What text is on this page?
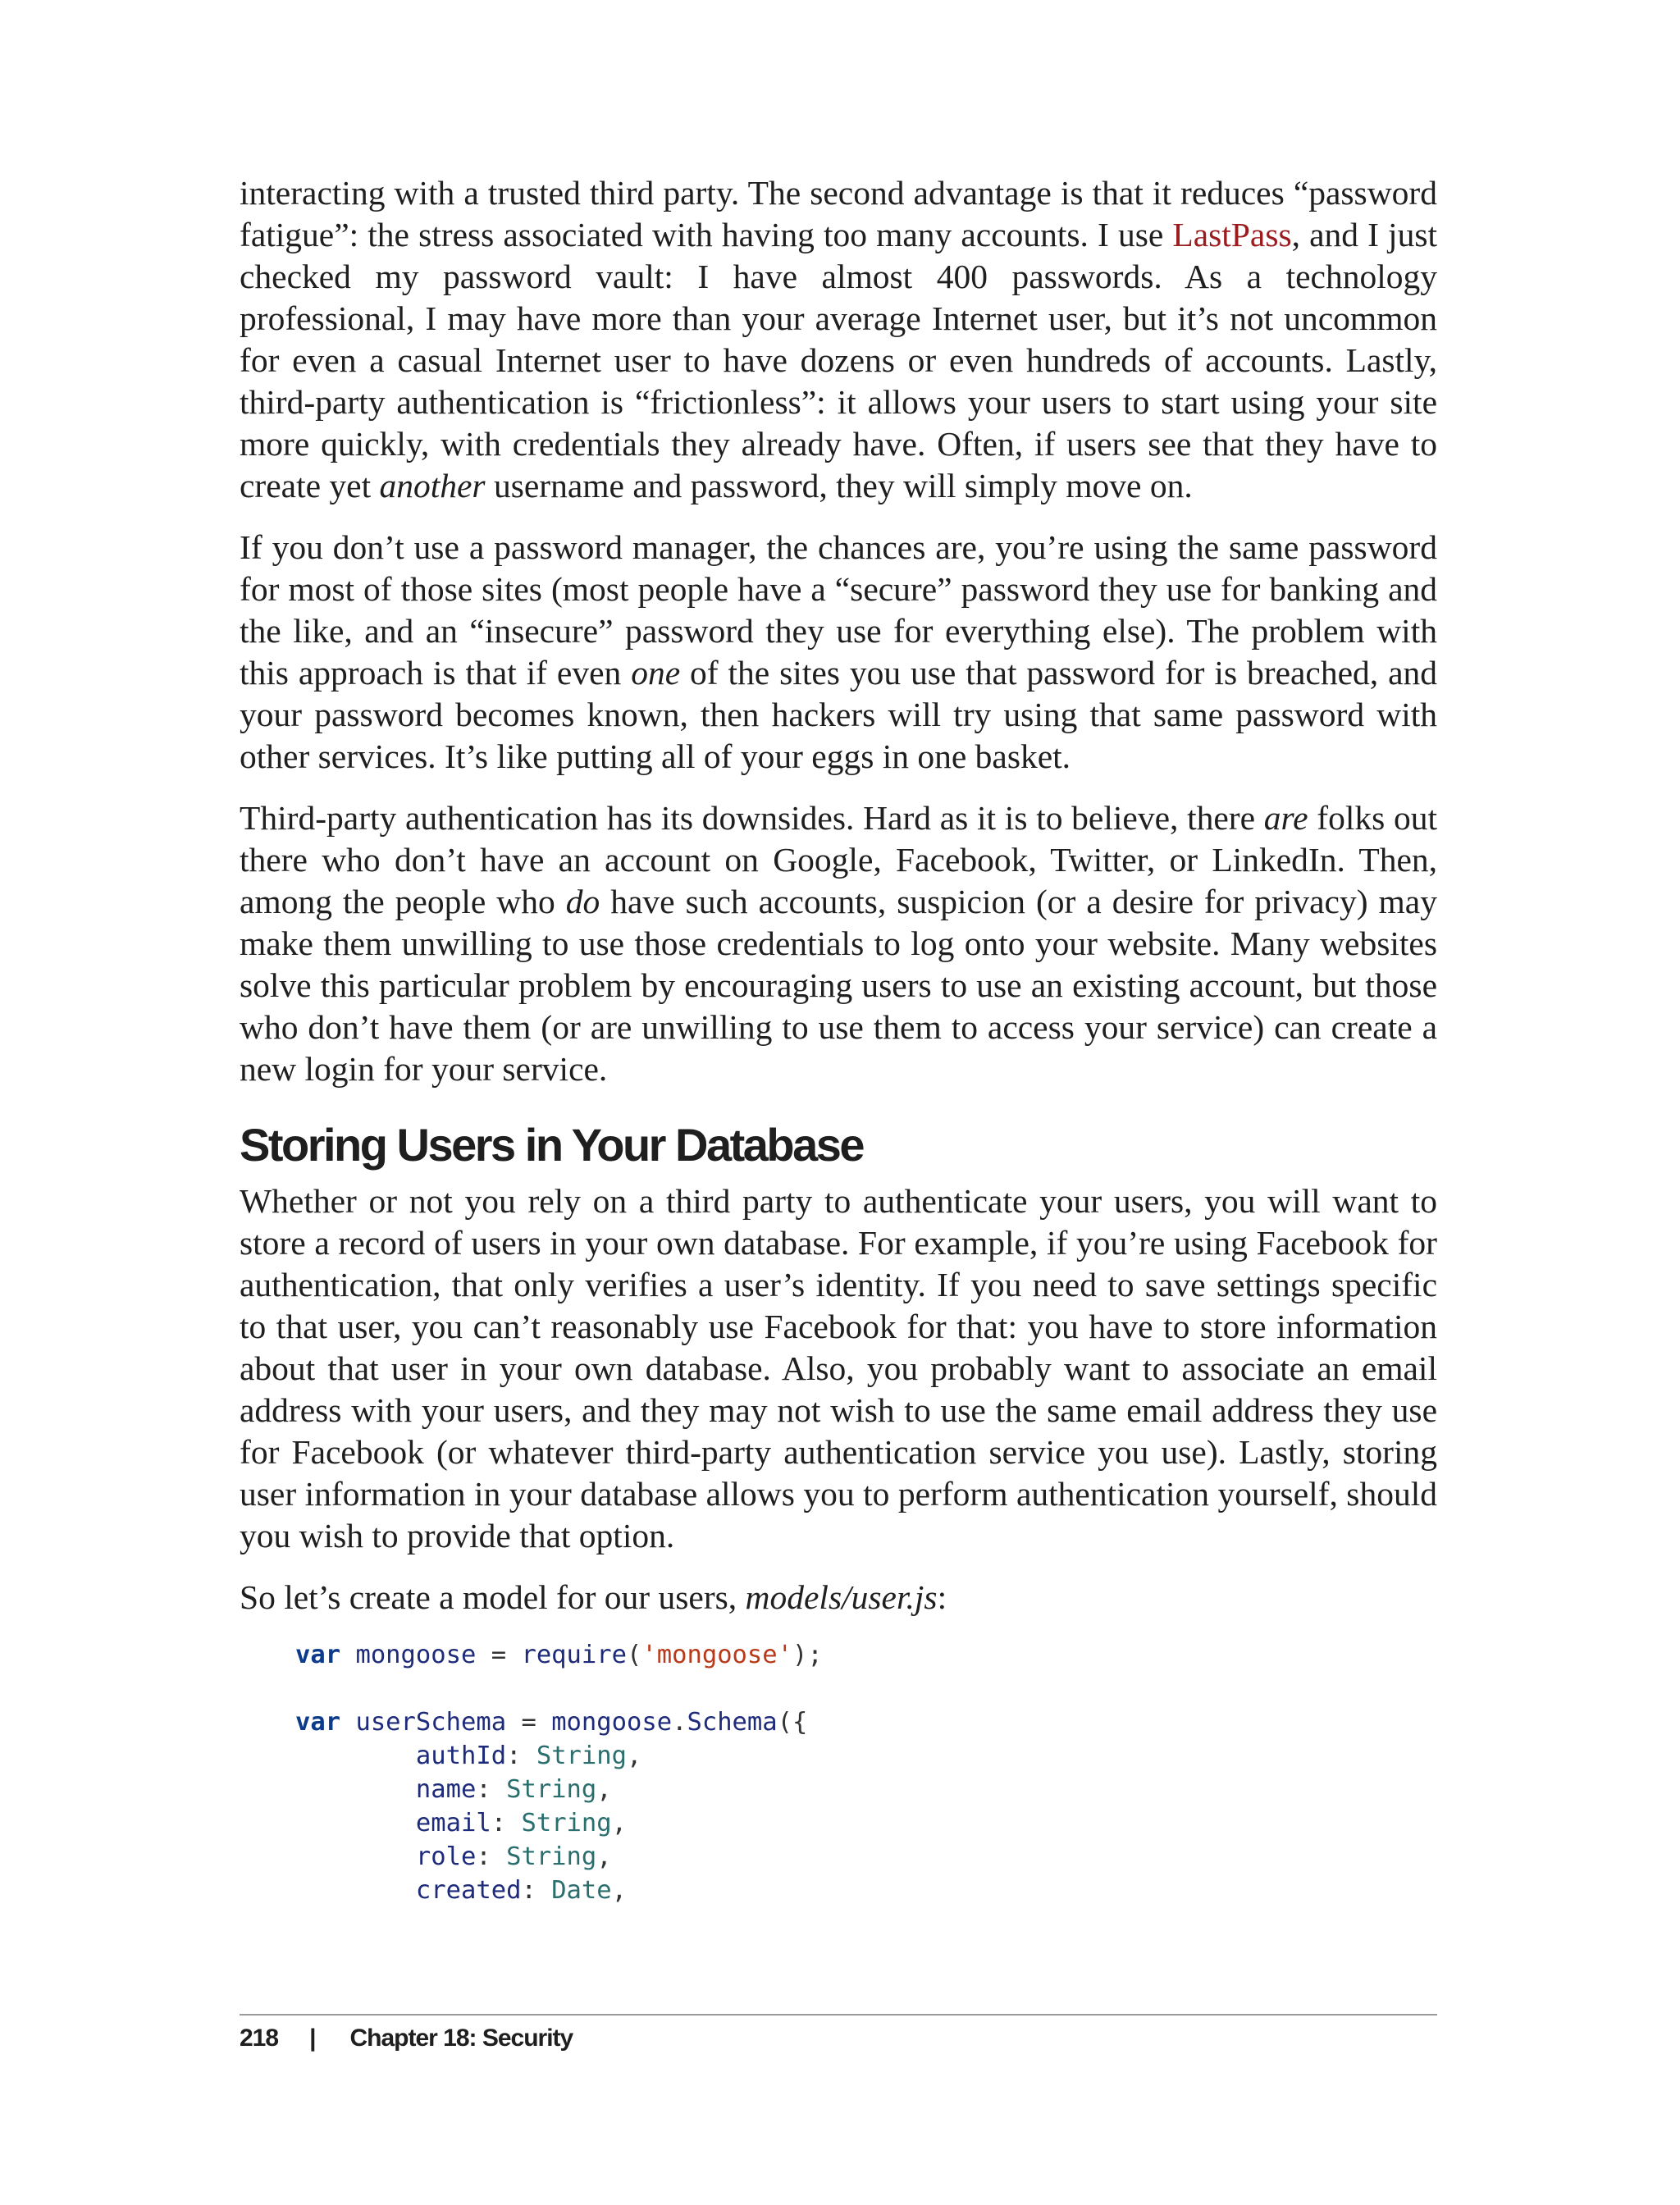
interacting with a trusted third party. The second advantage is that it reduces “password fatigue”: the stress associated with having too many accounts. I use LastPass, and I just checked my password vault: I have almost 400 passwords. As a technology professional, I may have more than your average Internet user, but it’s not uncommon for even a casual Internet user to have dozens or even hundreds of accounts. Lastly, third-party authentication is “frictionless”: it allows your users to start using your site more quickly, with credentials they already have. Often, if users see that they have to create yet another username and password, they will simply move on.

If you don’t use a password manager, the chances are, you’re using the same password for most of those sites (most people have a “secure” password they use for banking and the like, and an “insecure” password they use for everything else). The problem with this approach is that if even one of the sites you use that password for is breached, and your password becomes known, then hackers will try using that same password with other services. It’s like putting all of your eggs in one basket.

Third-party authentication has its downsides. Hard as it is to believe, there are folks out there who don’t have an account on Google, Facebook, Twitter, or LinkedIn. Then, among the people who do have such accounts, suspicion (or a desire for privacy) may make them unwilling to use those credentials to log onto your website. Many websites solve this particular problem by encouraging users to use an existing account, but those who don’t have them (or are unwilling to use them to access your service) can create a new login for your service.

Storing Users in Your Database

Whether or not you rely on a third party to authenticate your users, you will want to store a record of users in your own database. For example, if you’re using Facebook for authentication, that only verifies a user’s identity. If you need to save settings specific to that user, you can’t reasonably use Facebook for that: you have to store information about that user in your own database. Also, you probably want to associate an email address with your users, and they may not wish to use the same email address they use for Facebook (or whatever third-party authentication service you use). Lastly, storing user information in your database allows you to perform authentication yourself, should you wish to provide that option.

So let’s create a model for our users, models/user.js:

var mongoose = require('mongoose');
var userSchema = mongoose.Schema({
authId: String,
name: String,
email: String,
role: String,
created: Date,
218 | Chapter 18: Security
